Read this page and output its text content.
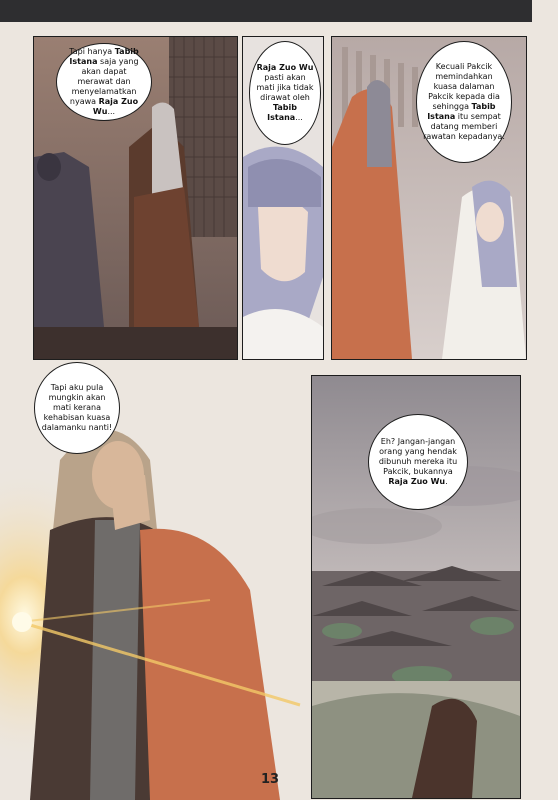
Tapi hanya Tabib Istana saja yang akan dapat merawat dan menyelamatkan nyawa Raja Zuo Wu...
Raja Zuo Wu pasti akan mati jika tidak dirawat oleh Tabib Istana...
Kecuali Pakcik memindahkan kuasa dalaman Pakcik kepada dia sehingga Tabib Istana itu sempat datang memberi rawatan kepadanya.
Tapi aku pula mungkin akan mati kerana kehabisan kuasa dalamanku nanti!
Eh? Jangan-jangan orang yang hendak dibunuh mereka itu Pakcik, bukannya Raja Zuo Wu.
13
